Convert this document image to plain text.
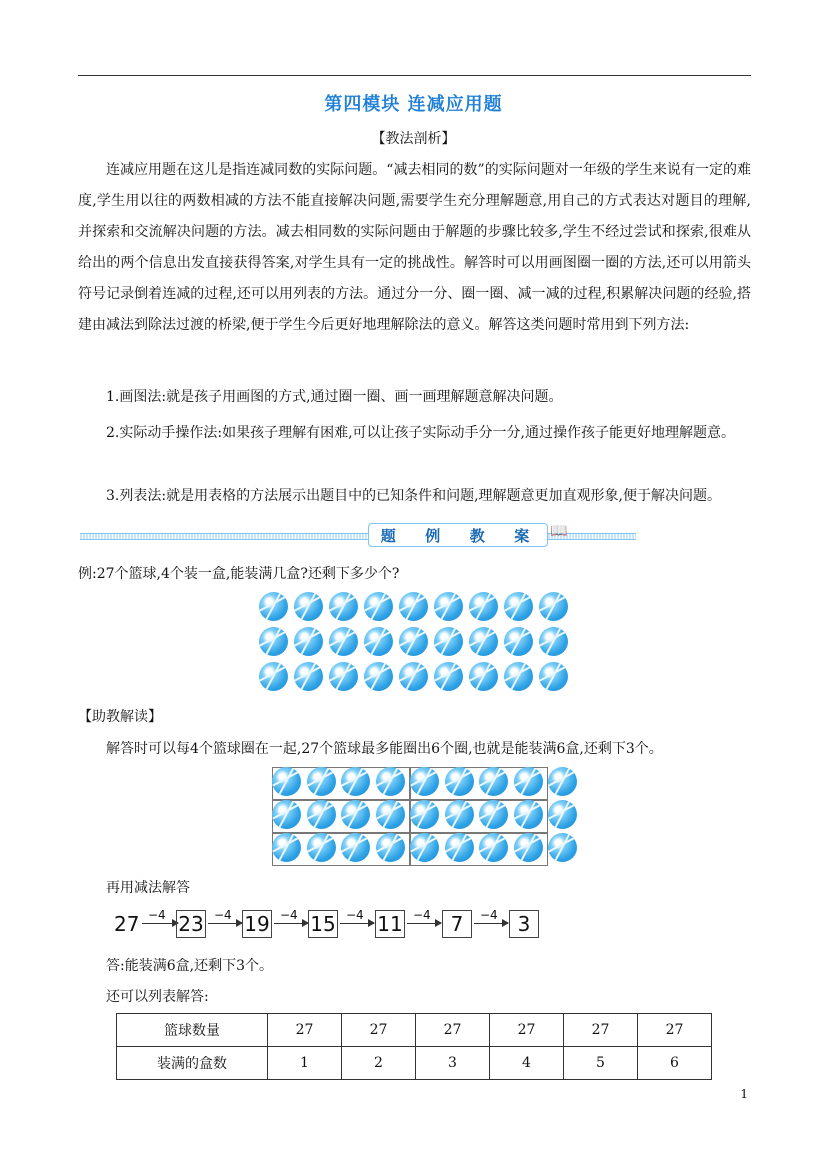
第四模块 连减应用题
【教法剖析】
连减应用题在这儿是指连减同数的实际问题。“减去相同的数”的实际问题对一年级的学生来说有一定的难度,学生用以往的两数相减的方法不能直接解决问题,需要学生充分理解题意,用自己的方式表达对题目的理解,并探索和交流解决问题的方法。减去相同数的实际问题由于解题的步骤比较多,学生不经过尝试和探索,很难从给出的两个信息出发直接获得答案,对学生具有一定的挑战性。解答时可以用画图圈一圈的方法,还可以用箭头符号记录倒着连减的过程,还可以用列表的方法。通过分一分、圈一圈、减一减的过程,积累解决问题的经验,搭建由减法到除法过渡的桥梁,便于学生今后更好地理解除法的意义。解答这类问题时常用到下列方法:
1.画图法:就是孩子用画图的方式,通过圈一圈、画一画理解题意解决问题。
2.实际动手操作法:如果孩子理解有困难,可以让孩子实际动手分一分,通过操作孩子能更好地理解题意。
3.列表法:就是用表格的方法展示出题目中的已知条件和问题,理解题意更加直观形象,便于解决问题。
题 例 教 案 📖
例:27个篮球,4个装一盒,能装满几盒?还剩下多少个?
【助教解读】
解答时可以每4个篮球圈在一起,27个篮球最多能圈出6个圈,也就是能装满6盒,还剩下3个。
再用减法解答
27 −4 23 −4 19 −4 15 −4 11 −4 7	−4 3
答:能装满6盒,还剩下3个。
还可以列表解答:
篮球数量	27	27	27	27	27	27
装满的盒数	1	2	3	4	5	6
1
